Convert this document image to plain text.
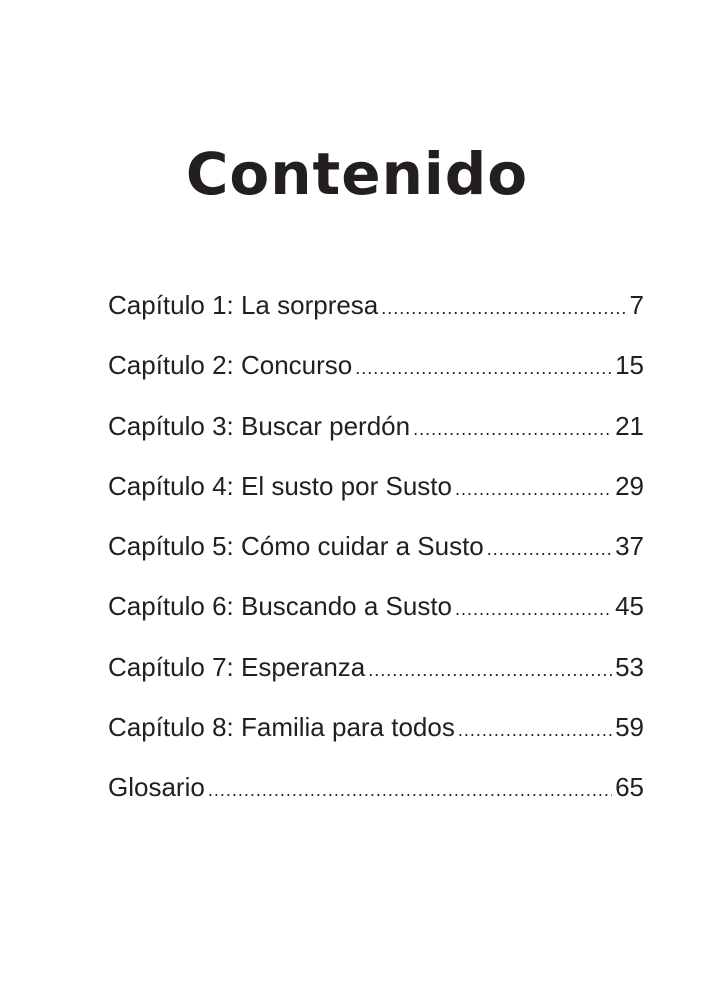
Contenido
Capítulo 1: La sorpresa .....	7
Capítulo 2: Concurso .....	15
Capítulo 3: Buscar perdón .....	21
Capítulo 4: El susto por Susto .....	29
Capítulo 5: Cómo cuidar a Susto .....	37
Capítulo 6: Buscando a Susto .....	45
Capítulo 7: Esperanza .....	53
Capítulo 8: Familia para todos .....	59
Glosario .....	65
